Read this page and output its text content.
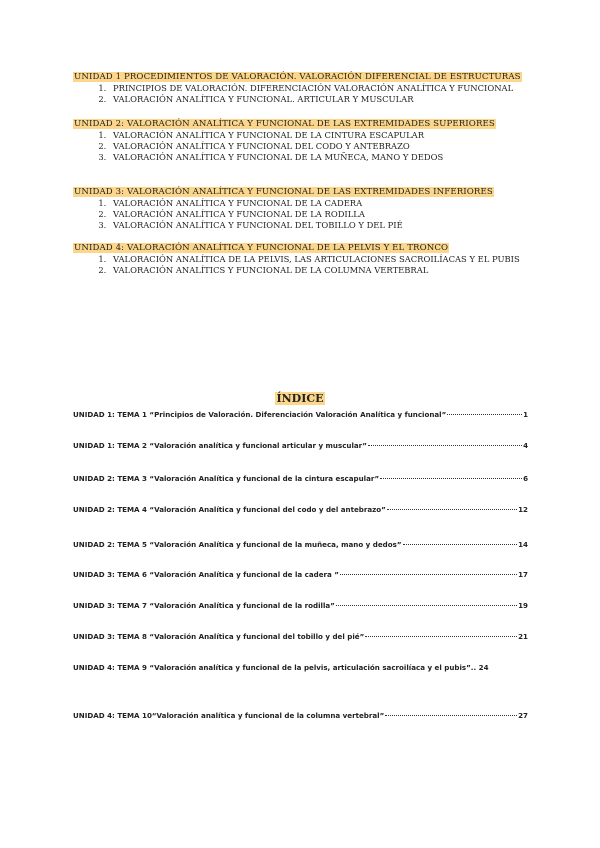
UNIDAD 1 PROCEDIMIENTOS DE VALORACIÓN. VALORACIÓN DIFERENCIAL DE ESTRUCTURAS
1. PRINCIPIOS DE VALORACIÓN. DIFERENCIACIÓN VALORACIÓN ANALÍTICA Y FUNCIONAL
2. VALORACIÓN ANALÍTICA Y FUNCIONAL. ARTICULAR Y MUSCULAR
UNIDAD 2: VALORACIÓN ANALÍTICA Y FUNCIONAL DE LAS EXTREMIDADES SUPERIORES
1. VALORACIÓN ANALÍTICA Y FUNCIONAL DE LA CINTURA ESCAPULAR
2. VALORACIÓN ANALÍTICA Y FUNCIONAL DEL CODO Y ANTEBRAZO
3. VALORACIÓN ANALÍTICA Y FUNCIONAL DE LA MUÑECA, MANO Y DEDOS
UNIDAD 3: VALORACIÓN ANALÍTICA Y FUNCIONAL DE LAS EXTREMIDADES INFERIORES
1. VALORACIÓN ANALÍTICA Y FUNCIONAL DE LA CADERA
2. VALORACIÓN ANALÍTICA Y FUNCIONAL DE LA RODILLA
3. VALORACIÓN ANALÍTICA Y FUNCIONAL DEL TOBILLO Y DEL PIÉ
UNIDAD 4: VALORACIÓN ANALÍTICA Y FUNCIONAL DE LA PELVIS Y EL TRONCO
1. VALORACIÓN ANALÍTICA DE LA PELVIS, LAS ARTICULACIONES SACROILÍACAS Y EL PUBIS
2. VALORACIÓN ANALÍTICS Y FUNCIONAL DE LA COLUMNA VERTEBRAL
ÍNDICE
UNIDAD 1: TEMA 1 “Principios de Valoración. Diferenciación Valoración Analítica y funcional”	1
UNIDAD 1: TEMA 2 “Valoración analítica y funcional articular y muscular”	4
UNIDAD 2: TEMA 3 “Valoración Analítica y funcional de la cintura escapular”	6
UNIDAD 2: TEMA 4 “Valoración Analítica y funcional del codo y del antebrazo”	12
UNIDAD 2: TEMA 5 “Valoración Analítica y funcional de la muñeca, mano y dedos”	14
UNIDAD 3: TEMA 6 “Valoración Analítica y funcional de la cadera ”	17
UNIDAD 3: TEMA 7 “Valoración Analítica y funcional de la rodilla”	19
UNIDAD 3: TEMA 8 “Valoración Analítica y funcional del tobillo y del pié”	21
UNIDAD 4: TEMA 9 “Valoración analítica y funcional de la pelvis, articulación sacroilíaca y el pubis”.. 24
UNIDAD 4: TEMA 10“Valoración analítica y funcional de la columna vertebral”	27
